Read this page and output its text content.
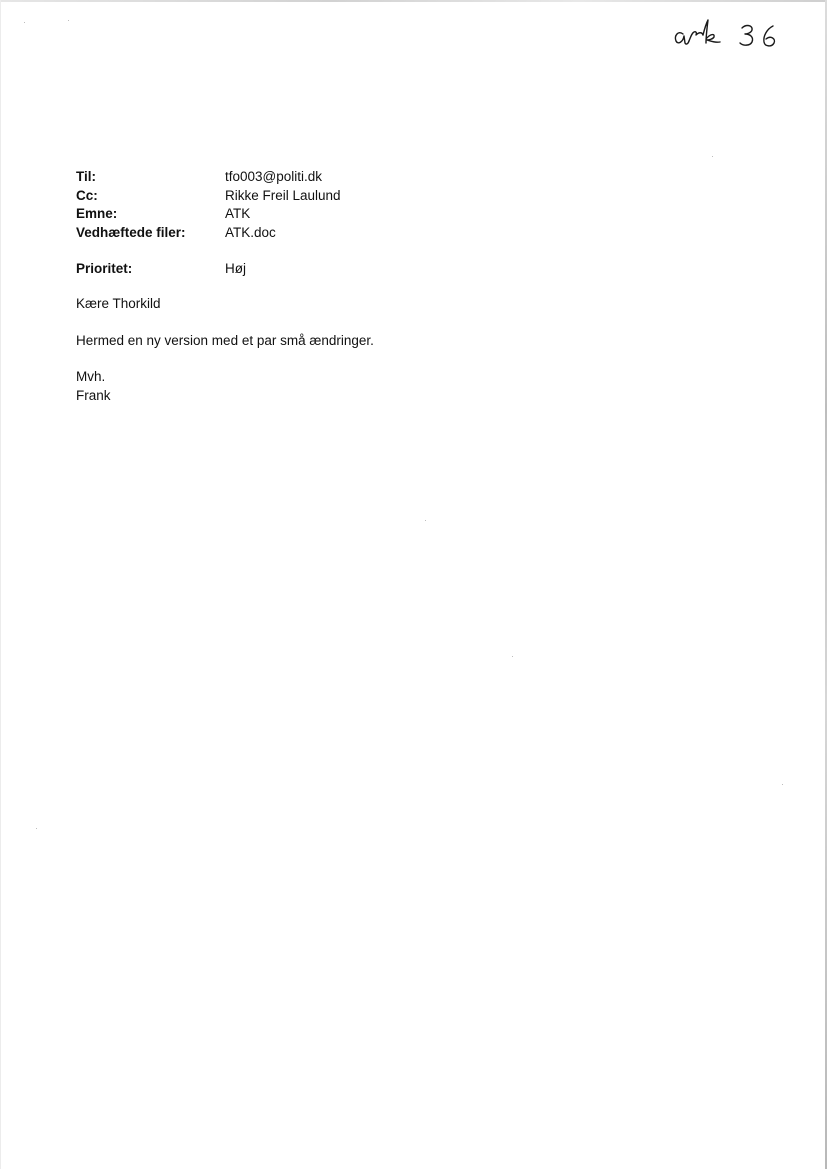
Til:	tfo003@politi.dk
Cc:	Rikke Freil Laulund
Emne:	ATK
Vedhæftede filer:	ATK.doc
Prioritet:	Høj

Kære Thorkild

Hermed en ny version med et par små ændringer.

Mvh.

Frank
